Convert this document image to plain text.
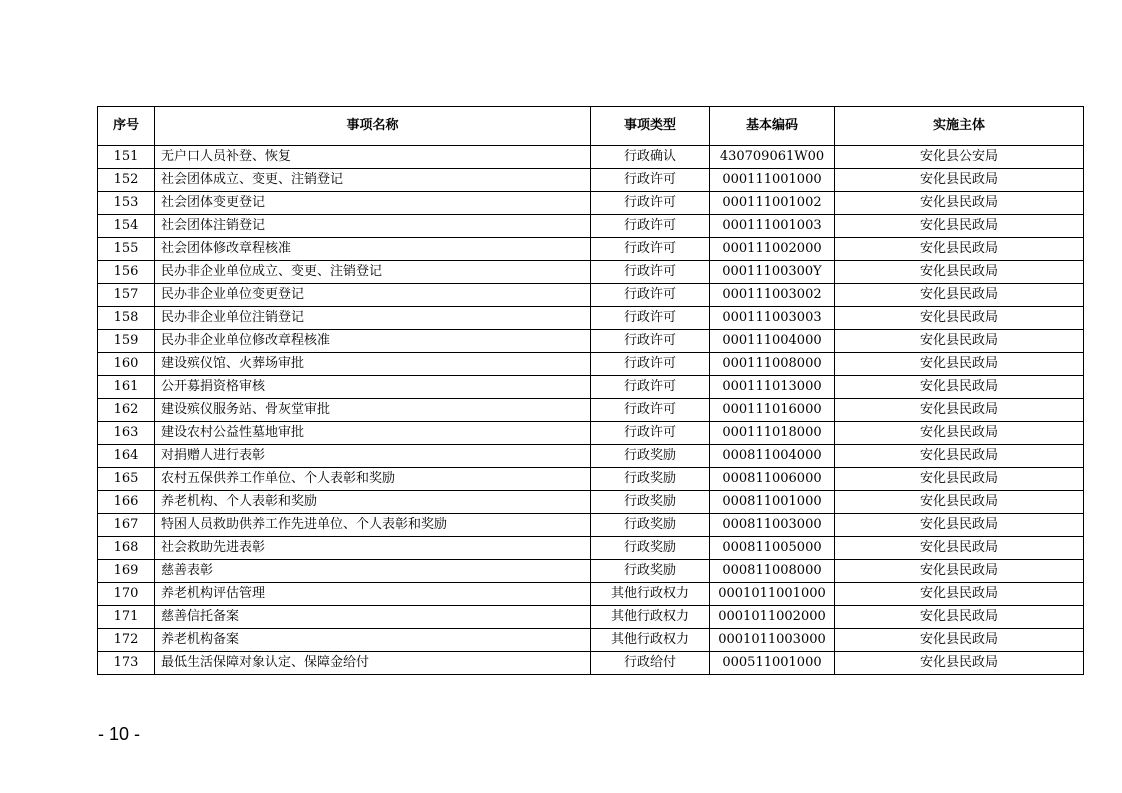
序号	事项名称	事项类型	基本编码	实施主体
151	无户口人员补登、恢复	行政确认	430709061W00	安化县公安局
152	社会团体成立、变更、注销登记	行政许可	000111001000	安化县民政局
153	社会团体变更登记	行政许可	000111001002	安化县民政局
154	社会团体注销登记	行政许可	000111001003	安化县民政局
155	社会团体修改章程核准	行政许可	000111002000	安化县民政局
156	民办非企业单位成立、变更、注销登记	行政许可	00011100300Y	安化县民政局
157	民办非企业单位变更登记	行政许可	000111003002	安化县民政局
158	民办非企业单位注销登记	行政许可	000111003003	安化县民政局
159	民办非企业单位修改章程核准	行政许可	000111004000	安化县民政局
160	建设殡仪馆、火葬场审批	行政许可	000111008000	安化县民政局
161	公开募捐资格审核	行政许可	000111013000	安化县民政局
162	建设殡仪服务站、骨灰堂审批	行政许可	000111016000	安化县民政局
163	建设农村公益性墓地审批	行政许可	000111018000	安化县民政局
164	对捐赠人进行表彰	行政奖励	000811004000	安化县民政局
165	农村五保供养工作单位、个人表彰和奖励	行政奖励	000811006000	安化县民政局
166	养老机构、个人表彰和奖励	行政奖励	000811001000	安化县民政局
167	特困人员救助供养工作先进单位、个人表彰和奖励	行政奖励	000811003000	安化县民政局
168	社会救助先进表彰	行政奖励	000811005000	安化县民政局
169	慈善表彰	行政奖励	000811008000	安化县民政局
170	养老机构评估管理	其他行政权力	0001011001000	安化县民政局
171	慈善信托备案	其他行政权力	0001011002000	安化县民政局
172	养老机构备案	其他行政权力	0001011003000	安化县民政局
173	最低生活保障对象认定、保障金给付	行政给付	000511001000	安化县民政局
- 10 -
